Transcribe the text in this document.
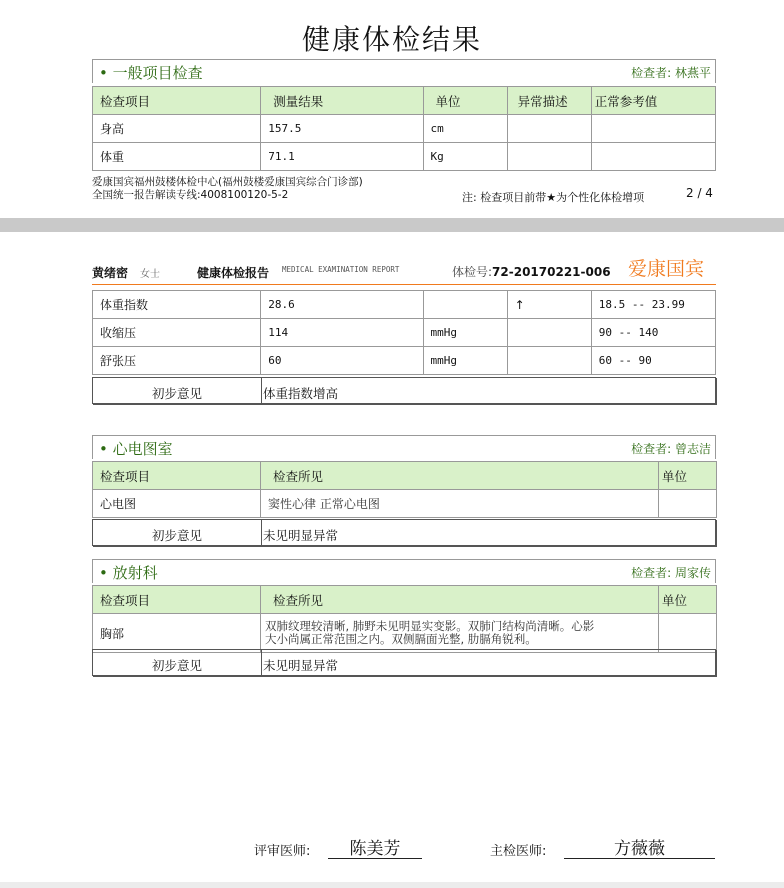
健康体检结果
• 一般项目检查	检查者: 林燕平
检查项目	测量结果	单位	异常描述	正常参考值
身高	157.5	cm		
体重	71.1	Kg		
爱康国宾福州鼓楼体检中心(福州鼓楼爱康国宾综合门诊部)
全国统一报告解读专线:4008100120-5-2	注: 检查项目前带★为个性化体检增项	2 / 4
黄绪密 女士	健康体检报告 MEDICAL EXAMINATION REPORT	体检号:72-20170221-006 爱康国宾
体重指数	28.6		↑	18.5 -- 23.99
收缩压	114	mmHg		90 -- 140
舒张压	60	mmHg		60 -- 90
初步意见	体重指数增高
• 心电图室	检查者: 曾志洁
检查项目	检查所见	单位
心电图	窦性心律 正常心电图	
初步意见	未见明显异常
• 放射科	检查者: 周家传
检查项目	检查所见	单位
胸部	双肺纹理较清晰, 肺野未见明显实变影。双肺门结构尚清晰。心影
大小尚属正常范围之内。双侧膈面光整, 肋膈角锐利。	

初步意见	未见明显异常
评审医师:	陈美芳	主检医师:	方薇薇
